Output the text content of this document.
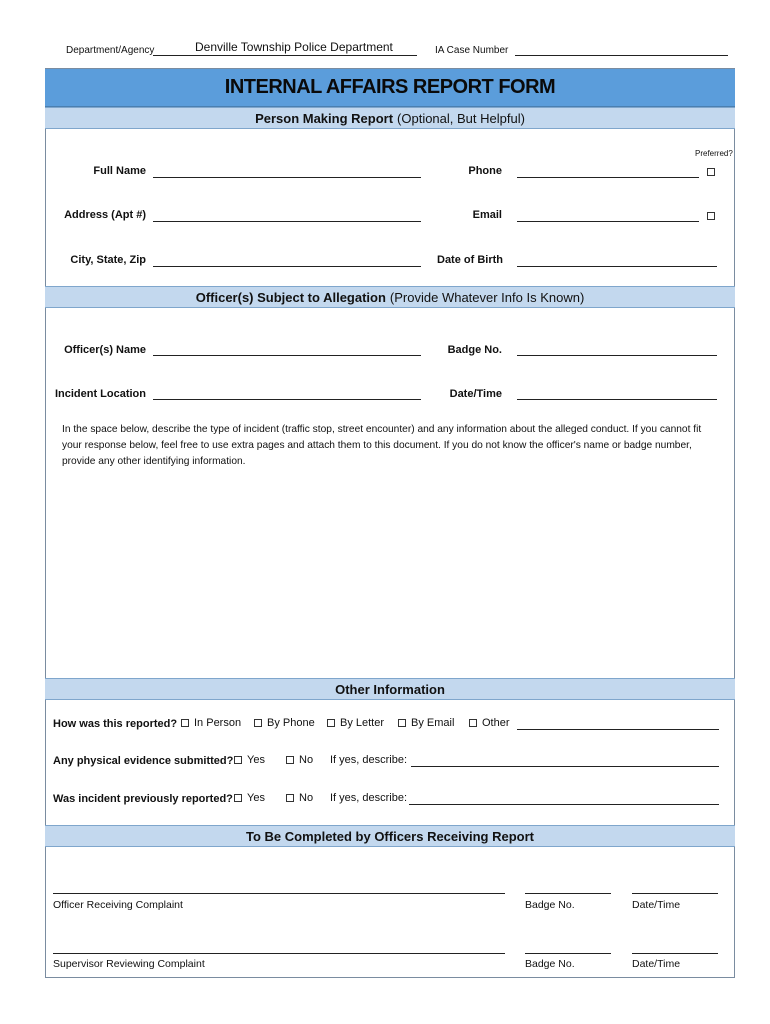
Department/Agency	Denville Township Police Department	IA Case Number
INTERNAL AFFAIRS REPORT FORM
Person Making Report (Optional, But Helpful)
Preferred?
Full Name	Phone
Address (Apt #)	Email
City, State, Zip	Date of Birth
Officer(s) Subject to Allegation (Provide Whatever Info Is Known)
Officer(s) Name	Badge No.
Incident Location	Date/Time
In the space below, describe the type of incident (traffic stop, street encounter) and any information about the alleged conduct. If you cannot fit your response below, feel free to use extra pages and attach them to this document. If you do not know the officer's name or badge number, provide any other identifying information.
Other Information
How was this reported? In Person By Phone By Letter By Email	Other
Any physical evidence submitted? Yes	No If yes, describe:
Was incident previously reported? Yes	No If yes, describe:
To Be Completed by Officers Receiving Report
Officer Receiving Complaint	Badge No.	Date/Time
Supervisor Reviewing Complaint	Badge No.	Date/Time
